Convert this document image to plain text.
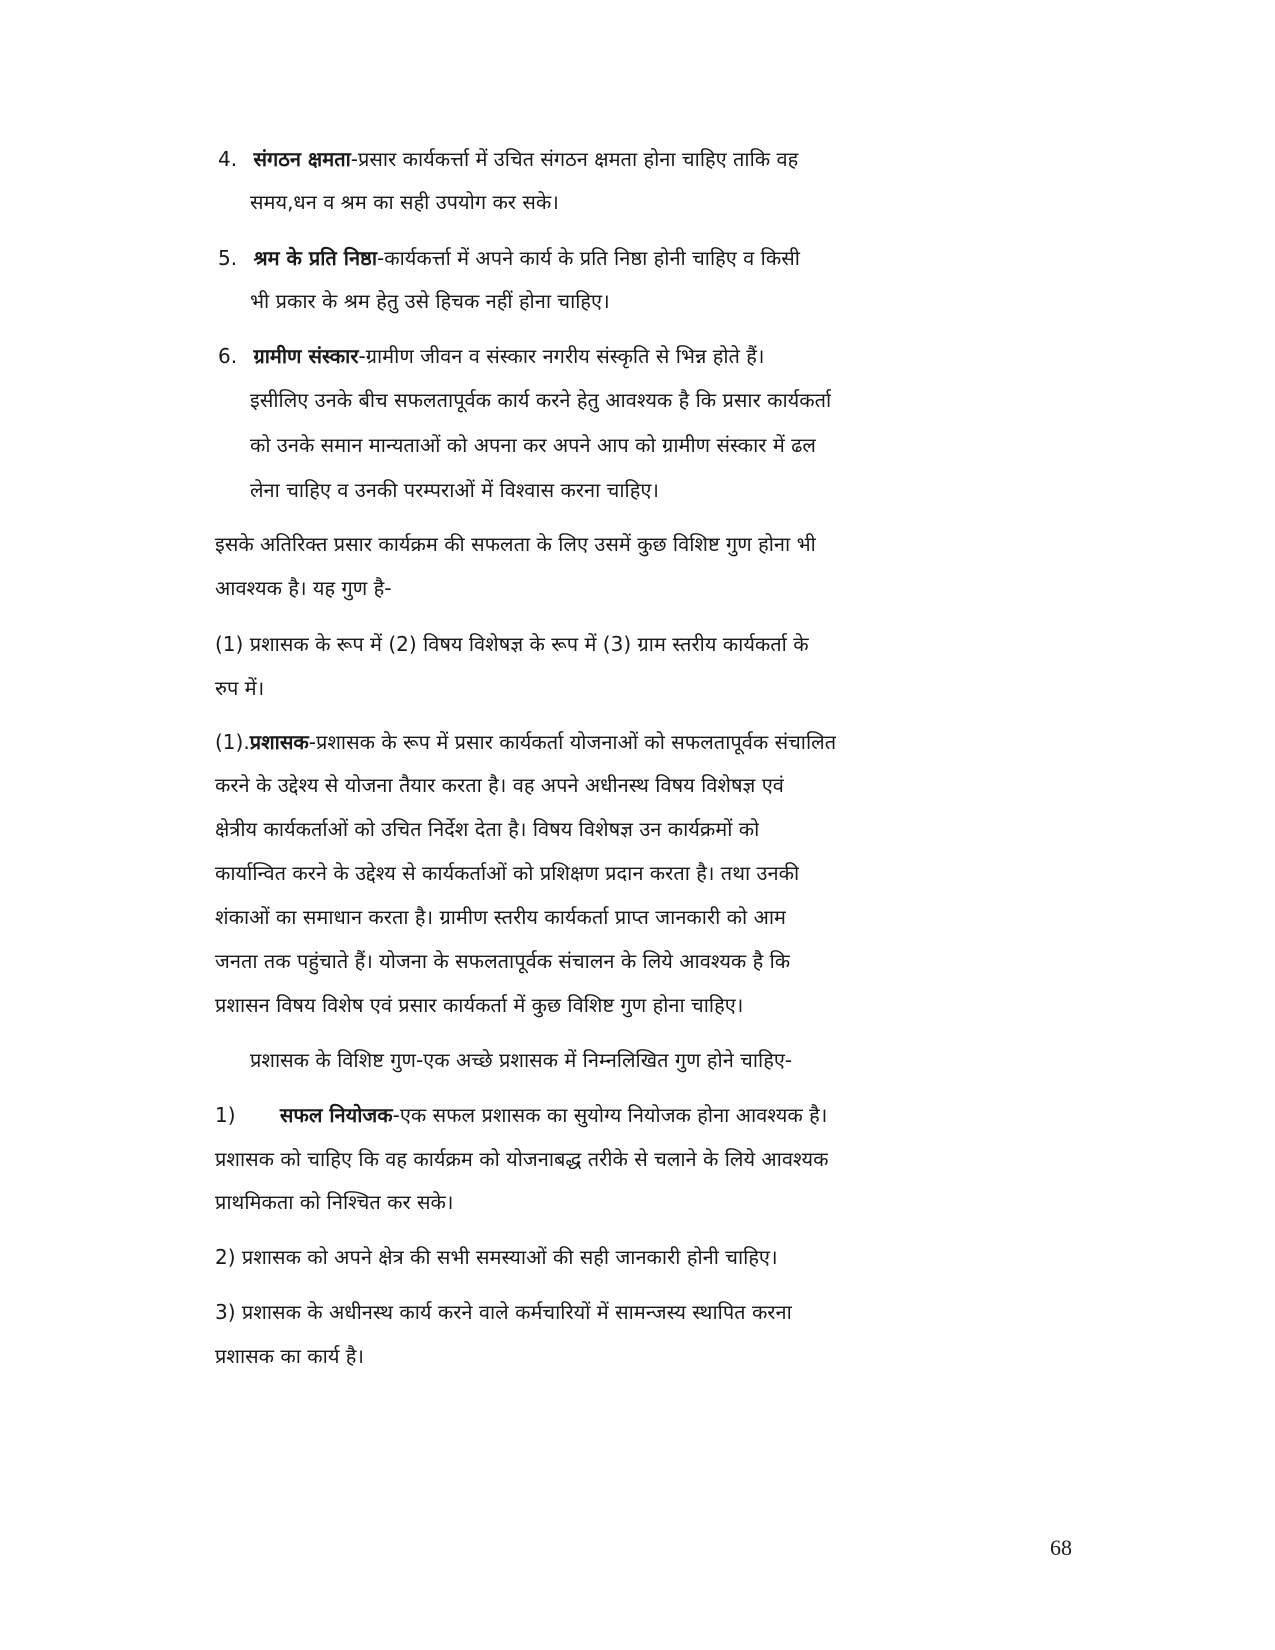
4. संगठन क्षमता-प्रसार कार्यकर्त्ता में उचित संगठन क्षमता होना चाहिए ताकि वह
समय,धन व श्रम का सही उपयोग कर सके।
5. श्रम के प्रति निष्ठा-कार्यकर्त्ता में अपने कार्य के प्रति निष्ठा होनी चाहिए व किसी
भी प्रकार के श्रम हेतु उसे हिचक नहीं होना चाहिए।
6. ग्रामीण संस्कार-ग्रामीण जीवन व संस्कार नगरीय संस्कृति से भिन्न होते हैं।
इसीलिए उनके बीच सफलतापूर्वक कार्य करने हेतु आवश्यक है कि प्रसार कार्यकर्ता
को उनके समान मान्यताओं को अपना कर अपने आप को ग्रामीण संस्कार में ढल
लेना चाहिए व उनकी परम्पराओं में विश्वास करना चाहिए।
इसके अतिरिक्त प्रसार कार्यक्रम की सफलता के लिए उसमें कुछ विशिष्ट गुण होना भी
आवश्यक है। यह गुण है-
(1) प्रशासक के रूप में (2) विषय विशेषज्ञ के रूप में (3) ग्राम स्तरीय कार्यकर्ता के
रुप में।
(1).प्रशासक-प्रशासक के रूप में प्रसार कार्यकर्ता योजनाओं को सफलतापूर्वक संचालित
करने के उद्देश्य से योजना तैयार करता है। वह अपने अधीनस्थ विषय विशेषज्ञ एवं
क्षेत्रीय कार्यकर्ताओं को उचित निर्देश देता है। विषय विशेषज्ञ उन कार्यक्रमों को
कार्यान्वित करने के उद्देश्य से कार्यकर्ताओं को प्रशिक्षण प्रदान करता है। तथा उनकी
शंकाओं का समाधान करता है। ग्रामीण स्तरीय कार्यकर्ता प्राप्त जानकारी को आम
जनता तक पहुंचाते हैं। योजना के सफलतापूर्वक संचालन के लिये आवश्यक है कि
प्रशासन विषय विशेष एवं प्रसार कार्यकर्ता में कुछ विशिष्ट गुण होना चाहिए।
प्रशासक के विशिष्ट गुण-एक अच्छे प्रशासक में निम्नलिखित गुण होने चाहिए-
1) सफल नियोजक-एक सफल प्रशासक का सुयोग्य नियोजक होना आवश्यक है।
प्रशासक को चाहिए कि वह कार्यक्रम को योजनाबद्ध तरीके से चलाने के लिये आवश्यक
प्राथमिकता को निश्चित कर सके।
2) प्रशासक को अपने क्षेत्र की सभी समस्याओं की सही जानकारी होनी चाहिए।
3) प्रशासक के अधीनस्थ कार्य करने वाले कर्मचारियों में सामन्जस्य स्थापित करना
प्रशासक का कार्य है।
68
